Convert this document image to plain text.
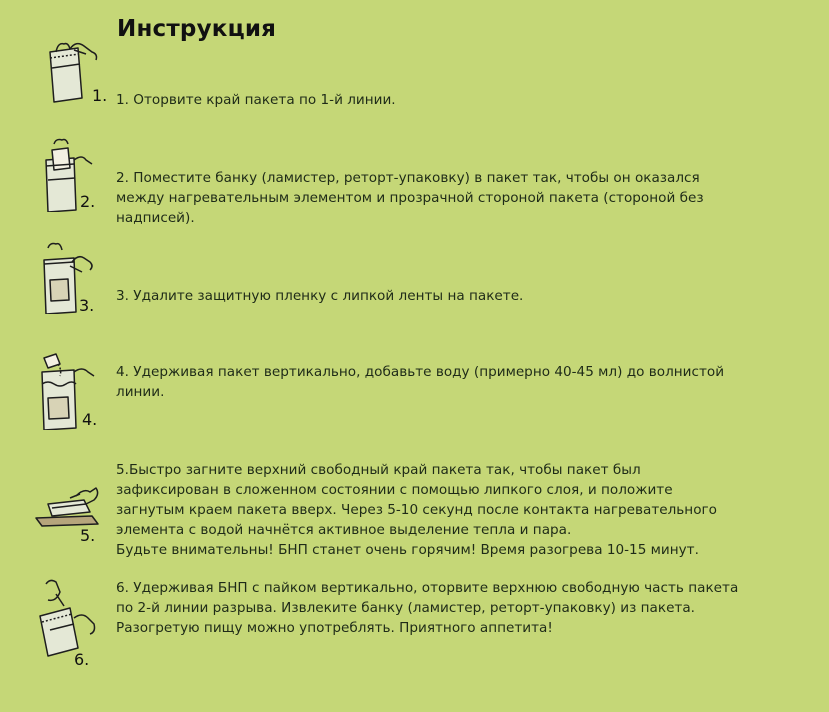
Инструкция
1. 1. Оторвите край пакета по 1-й линии.
2.
2. Поместите банку (ламистер, реторт-упаковку) в пакет так, чтобы он оказался
между нагревательным элементом и прозрачной стороной пакета (стороной без
надписей).
3. 3. Удалите защитную пленку с липкой ленты на пакете.
4.
4. Удерживая пакет вертикально, добавьте воду (примерно 40-45 мл) до волнистой
линии.
5.
5.Быстро загните верхний свободный край пакета так, чтобы пакет был
зафиксирован в сложенном состоянии с помощью липкого слоя, и положите
загнутым краем пакета вверх. Через 5-10 секунд после контакта нагревательного
элемента с водой начнётся активное выделение тепла и пара.
Будьте внимательны! БНП станет очень горячим! Время разогрева 10-15 минут.
6.
6. Удерживая БНП с пайком вертикально, оторвите верхнюю свободную часть пакета
по 2-й линии разрыва. Извлеките банку (ламистер, реторт-упаковку) из пакета.
Разогретую пищу можно употреблять. Приятного аппетита!
